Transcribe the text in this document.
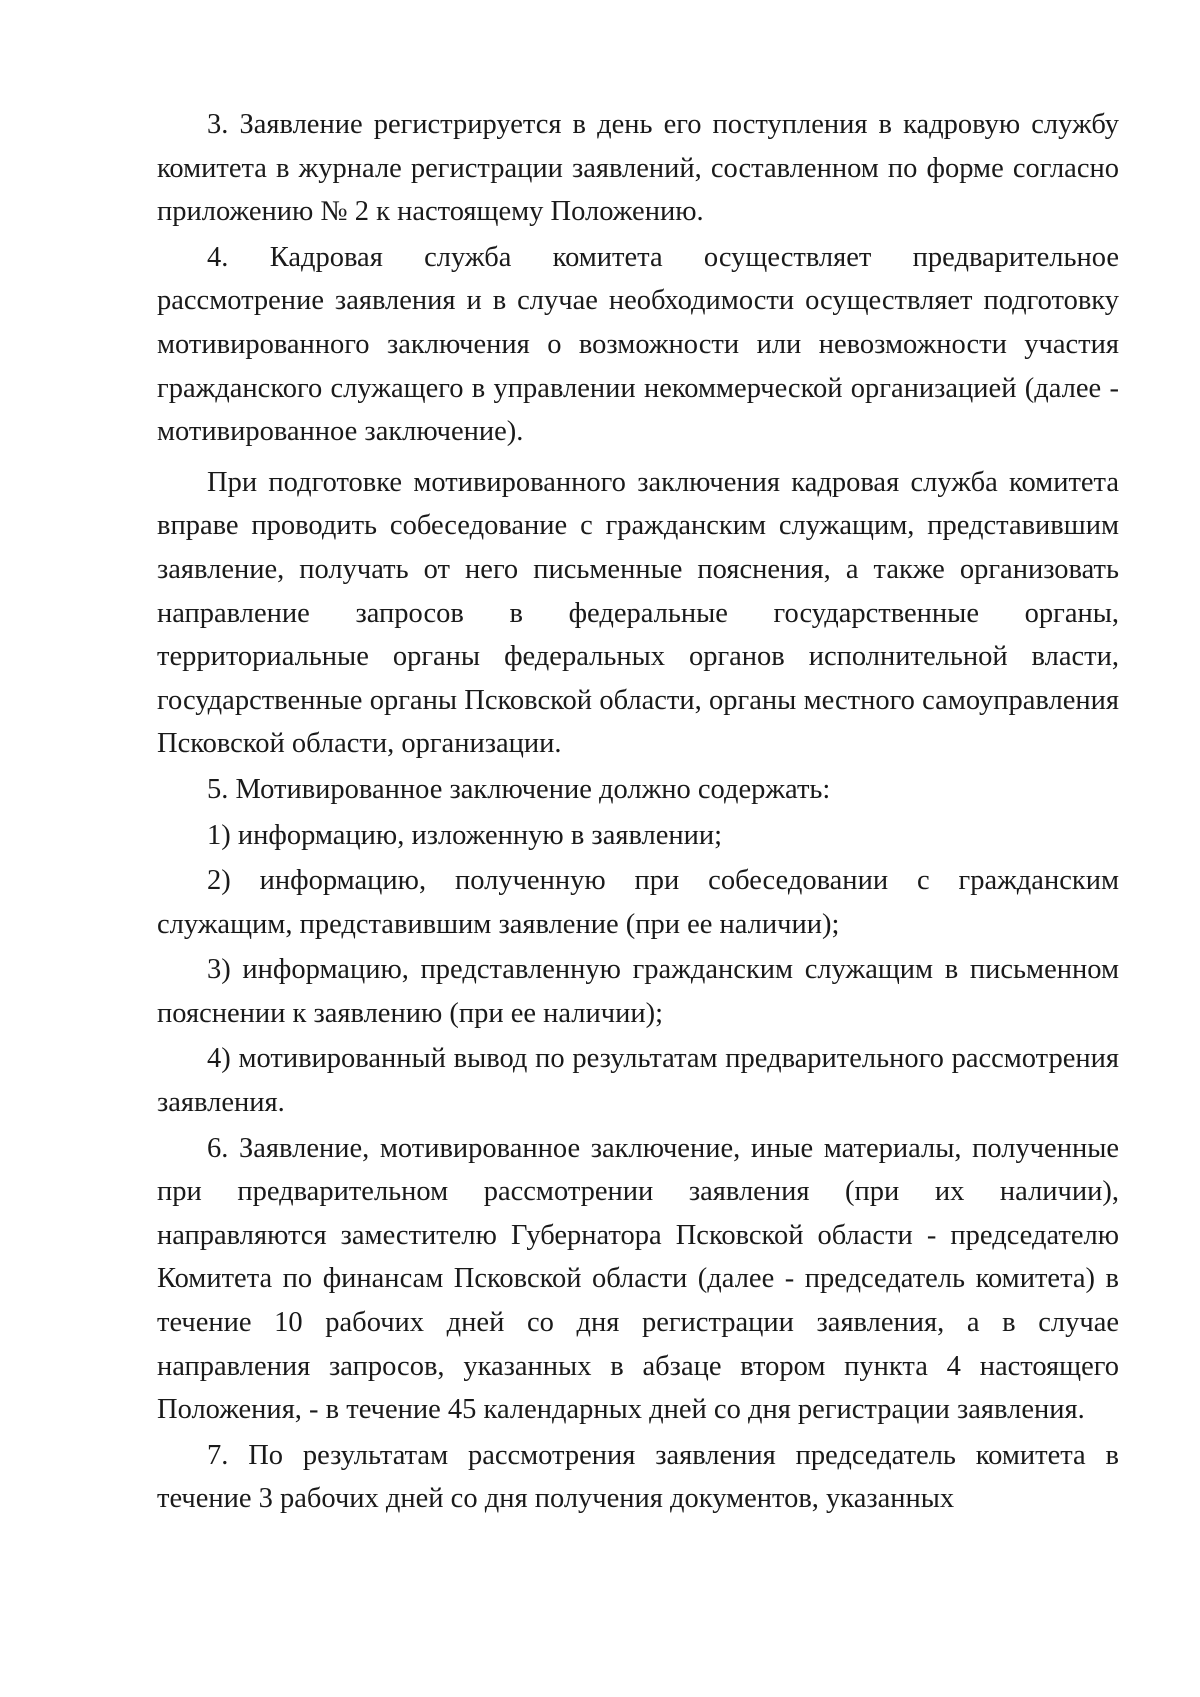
3. Заявление регистрируется в день его поступления в кадровую службу комитета в журнале регистрации заявлений, составленном по форме согласно приложению № 2 к настоящему Положению.

4. Кадровая служба комитета осуществляет предварительное рассмотрение заявления и в случае необходимости осуществляет подготовку мотивированного заключения о возможности или невозможности участия гражданского служащего в управлении некоммерческой организацией (далее - мотивированное заключение).

При подготовке мотивированного заключения кадровая служба комитета вправе проводить собеседование с гражданским служащим, представившим заявление, получать от него письменные пояснения, а также организовать направление запросов в федеральные государственные органы, территориальные органы федеральных органов исполнительной власти, государственные органы Псковской области, органы местного самоуправления Псковской области, организации.

5. Мотивированное заключение должно содержать:

1) информацию, изложенную в заявлении;

2) информацию, полученную при собеседовании с гражданским служащим, представившим заявление (при ее наличии);

3) информацию, представленную гражданским служащим в письменном пояснении к заявлению (при ее наличии);

4) мотивированный вывод по результатам предварительного рассмотрения заявления.

6. Заявление, мотивированное заключение, иные материалы, полученные при предварительном рассмотрении заявления (при их наличии), направляются заместителю Губернатора Псковской области - председателю Комитета по финансам Псковской области (далее - председатель комитета) в течение 10 рабочих дней со дня регистрации заявления, а в случае направления запросов, указанных в абзаце втором пункта 4 настоящего Положения, - в течение 45 календарных дней со дня регистрации заявления.

7. По результатам рассмотрения заявления председатель комитета в течение 3 рабочих дней со дня получения документов, указанных
